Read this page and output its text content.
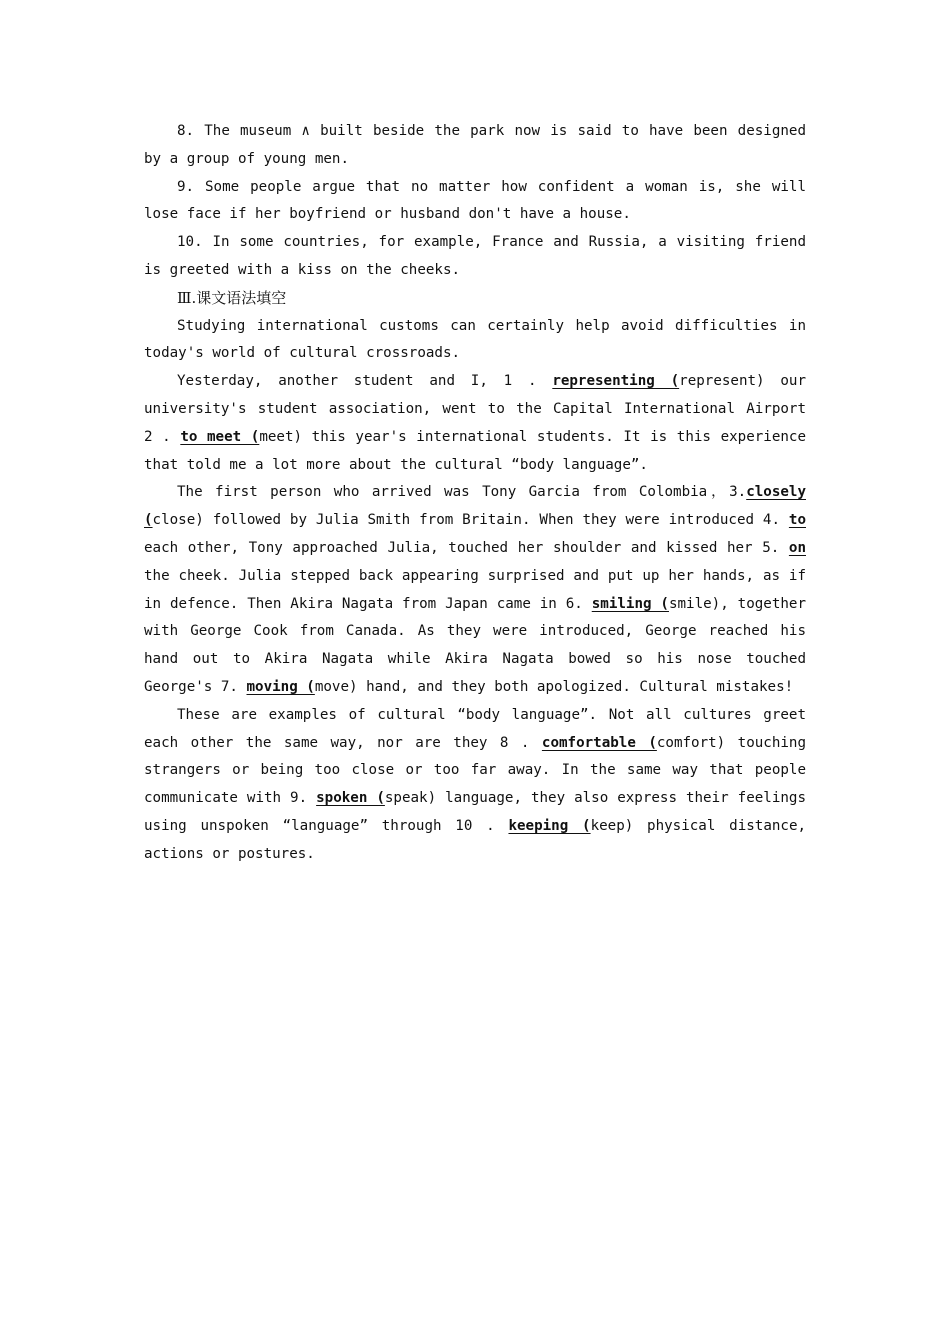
8. The museum ∧ built beside the park now is said to have been designed by a group of young men.

9. Some people argue that no matter how confident a woman is, she will lose face if her boyfriend or husband don't have a house.

10. In some countries, for example, France and Russia, a visiting friend is greeted with a kiss on the cheeks.

Ⅲ.课文语法填空

Studying international customs can certainly help avoid difficulties in today's world of cultural crossroads.

Yesterday, another student and I, 1 . representing (represent) our university's student association, went to the Capital International Airport 2 . to meet (meet) this year's international students. It is this experience that told me a lot more about the cultural “body language”.

The first person who arrived was Tony Garcia from Colombia，3.closely (close) followed by Julia Smith from Britain. When they were introduced 4. to each other, Tony approached Julia, touched her shoulder and kissed her 5. on the cheek. Julia stepped back appearing surprised and put up her hands, as if in defence. Then Akira Nagata from Japan came in 6. smiling (smile), together with George Cook from Canada. As they were introduced, George reached his hand out to Akira Nagata while Akira Nagata bowed so his nose touched George's 7. moving (move) hand, and they both apologized. Cultural mistakes!

These are examples of cultural “body language”. Not all cultures greet each other the same way, nor are they 8 . comfortable (comfort) touching strangers or being too close or too far away. In the same way that people communicate with 9. spoken (speak) language, they also express their feelings using unspoken “language” through 10 . keeping (keep) physical distance, actions or postures.
